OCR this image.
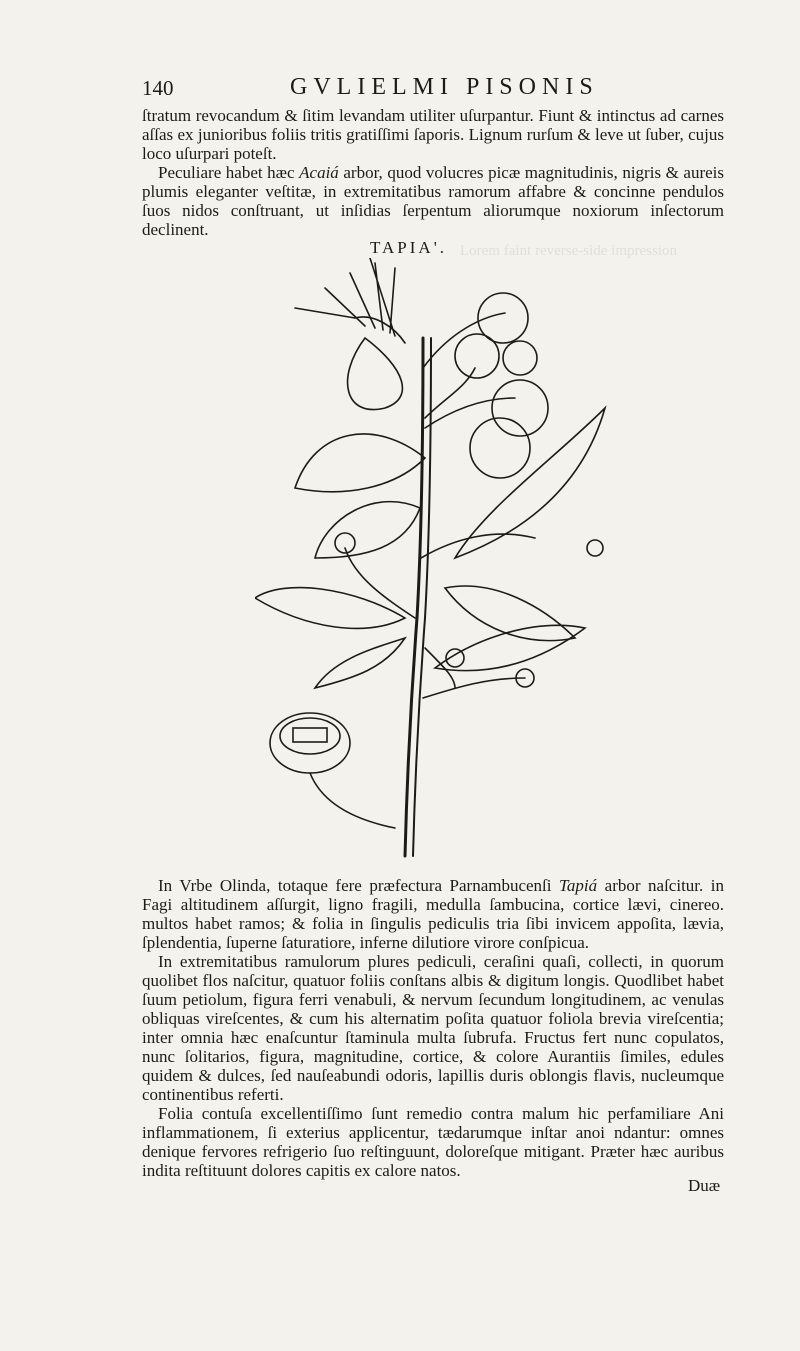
Lorem faint reverse-side impression
140	GVLIELMI PISONIS

ſtratum revocandum & ſitim levandam utiliter uſurpantur. Fiunt & intinctus ad carnes aſſas ex junioribus foliis tritis gratiſſimi ſaporis. Lignum rurſum & leve ut ſuber, cujus loco uſurpari poteſt.

Peculiare habet hæc Acaiá arbor, quod volucres picæ magnitudinis, nigris & aureis plumis eleganter veſtitæ, in extremitatibus ramorum affabre & concinne pendulos ſuos nidos conſtruant, ut inſidias ſerpentum aliorumque noxiorum inſectorum declinent.

TAPIA'.

In Vrbe Olinda, totaque fere præfectura Parnambucenſi Tapiá arbor naſcitur. in Fagi altitudinem aſſurgit, ligno fragili, medulla ſambucina, cortice lævi, cinereo. multos habet ramos; & folia in ſingulis pediculis tria ſibi invicem appoſita, lævia, ſplendentia, ſuperne ſaturatiore, inferne dilutiore virore conſpicua.

In extremitatibus ramulorum plures pediculi, ceraſini quaſi, collecti, in quorum quolibet flos naſcitur, quatuor foliis conſtans albis & digitum longis. Quodlibet habet ſuum petiolum, figura ferri venabuli, & nervum ſecundum longitudinem, ac venulas obliquas vireſcentes, & cum his alternatim poſita quatuor foliola brevia vireſcentia; inter omnia hæc enaſcuntur ſtaminula multa ſubrufa. Fructus fert nunc copulatos, nunc ſolitarios, figura, magnitudine, cortice, & colore Aurantiis ſimiles, edules quidem & dulces, ſed nauſeabundi odoris, lapillis duris oblongis flavis, nucleumque continentibus referti.

Folia contuſa excellentiſſimo ſunt remedio contra malum hic perfamiliare Ani inflammationem, ſi exterius applicentur, tædarumque inſtar anoi ndantur: omnes denique fervores refrigerio ſuo reſtinguunt, doloreſque mitigant. Præter hæc auribus indita reſtituunt dolores capitis ex calore natos.

Duæ
